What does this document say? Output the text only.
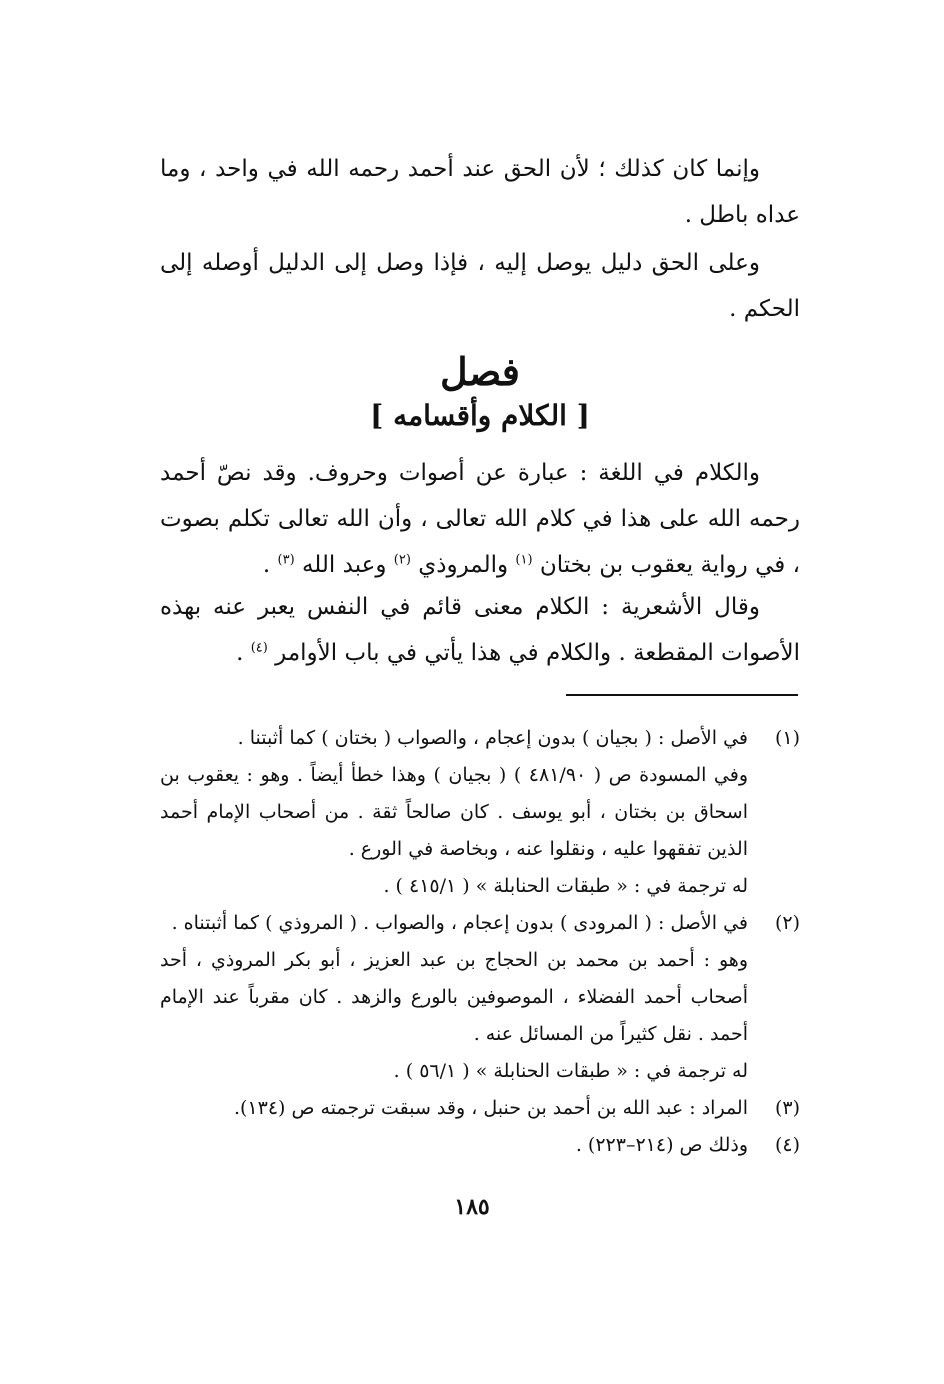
وإنما كان كذلك ؛ لأن الحق عند أحمد رحمه الله في واحد ، وما عداه باطل .

وعلى الحق دليل يوصل إليه ، فإذا وصل إلى الدليل أوصله إلى الحكم .

فصل
[ الكلام وأقسامه ]

والكلام في اللغة : عبارة عن أصوات وحروف. وقد نصّ أحمد رحمه الله على هذا في كلام الله تعالى ، وأن الله تعالى تكلم بصوت ، في رواية يعقوب بن بختان $^{(١)}$ والمروذي $^{(٢)}$ وعبد الله $^{(٣)}$ .

وقال الأشعرية : الكلام معنى قائم في النفس يعبر عنه بهذه الأصوات المقطعة . والكلام في هذا يأتي في باب الأوامر $^{(٤)}$ .

(١)
في الأصل : ( بجيان ) بدون إعجام ، والصواب ( بختان ) كما أثبتنا .
وفي المسودة ص ( ٤٨١/٩٠ ) ( بجيان ) وهذا خطأ أيضاً . وهو : يعقوب بن اسحاق بن بختان ، أبو يوسف . كان صالحاً ثقة . من أصحاب الإمام أحمد الذين تفقهوا عليه ، ونقلوا عنه ، وبخاصة في الورع .
له ترجمة في : « طبقات الحنابلة » ( ٤١٥/١ ) .
(٢)
في الأصل : ( المرودى ) بدون إعجام ، والصواب . ( المروذي ) كما أثبتناه .
وهو : أحمد بن محمد بن الحجاج بن عبد العزيز ، أبو بكر المروذي ، أحد أصحاب أحمد الفضلاء ، الموصوفين بالورع والزهد . كان مقرباً عند الإمام أحمد . نقل كثيراً من المسائل عنه .
له ترجمة في : « طبقات الحنابلة » ( ٥٦/١ ) .
(٣)
المراد : عبد الله بن أحمد بن حنبل ، وقد سبقت ترجمته ص (١٣٤).
(٤)
وذلك ص (٢١٤–٢٢٣) .
١٨٥
